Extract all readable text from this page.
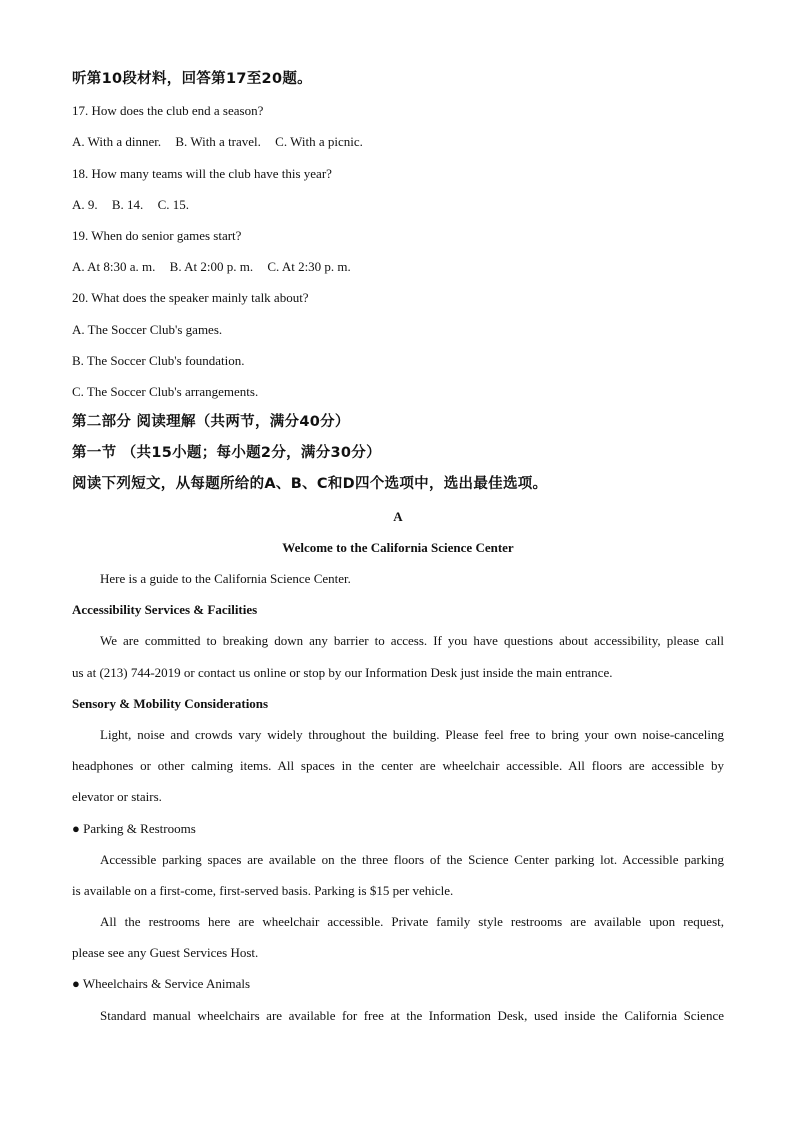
听第10段材料，回答第17至20题。
17. How does the club end a season?
A. With a dinner. B. With a travel. C. With a picnic.
18. How many teams will the club have this year?
A. 9. B. 14. C. 15.
19. When do senior games start?
A. At 8:30 a. m. B. At 2:00 p. m. C. At 2:30 p. m.
20. What does the speaker mainly talk about?
A. The Soccer Club's games.
B. The Soccer Club's foundation.
C. The Soccer Club's arrangements.
第二部分 阅读理解（共两节，满分40分）
第一节 （共15小题；每小题2分，满分30分）
阅读下列短文，从每题所给的A、B、C和D四个选项中，选出最佳选项。
A
Welcome to the California Science Center
Here is a guide to the California Science Center.
Accessibility Services & Facilities
We are committed to breaking down any barrier to access. If you have questions about accessibility, please call
us at (213) 744-2019 or contact us online or stop by our Information Desk just inside the main entrance.
Sensory & Mobility Considerations
Light, noise and crowds vary widely throughout the building. Please feel free to bring your own noise-canceling
headphones or other calming items. All spaces in the center are wheelchair accessible. All floors are accessible by
elevator or stairs.
● Parking & Restrooms
Accessible parking spaces are available on the three floors of the Science Center parking lot. Accessible parking
is available on a first-come, first-served basis. Parking is $15 per vehicle.
All the restrooms here are wheelchair accessible. Private family style restrooms are available upon request,
please see any Guest Services Host.
● Wheelchairs & Service Animals
Standard manual wheelchairs are available for free at the Information Desk, used inside the California Science
